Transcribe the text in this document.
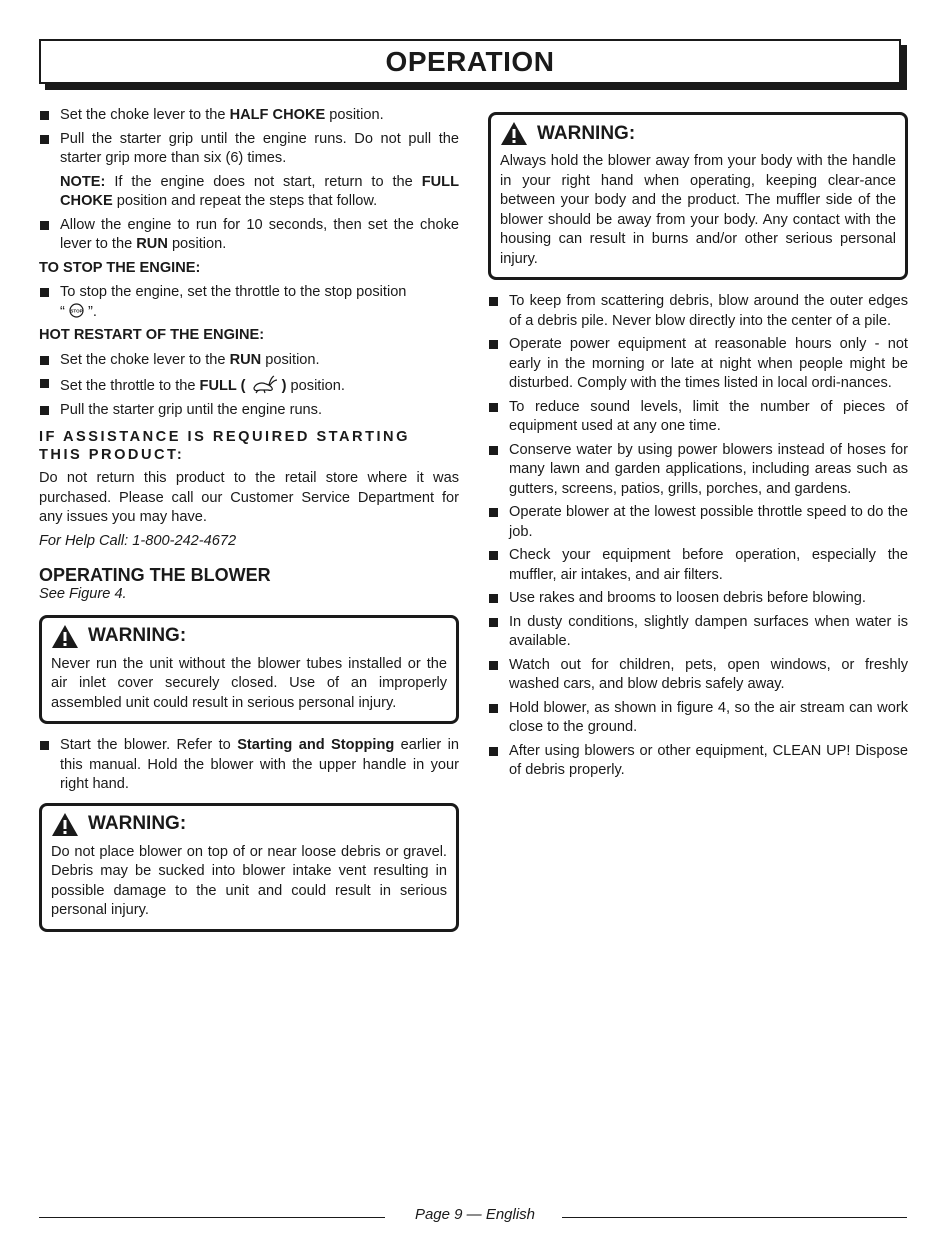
OPERATION
Set the choke lever to the HALF CHOKE position.
Pull the starter grip until the engine runs. Do not pull the starter grip more than six (6) times.
NOTE: If the engine does not start, return to the FULL CHOKE position and repeat the steps that follow.
Allow the engine to run for 10 seconds, then set the choke lever to the RUN position.
TO STOP THE ENGINE:
To stop the engine, set the throttle to the stop position
“ STOP ”.
HOT RESTART OF THE ENGINE:
Set the choke lever to the RUN position.
Set the throttle to the FULL ( ) position.
Pull the starter grip until the engine runs.
IF ASSISTANCE IS REQUIRED STARTING THIS PRODUCT:
Do not return this product to the retail store where it was purchased. Please call our Customer Service Department for any issues you may have.
For Help Call: 1-800-242-4672
OPERATING THE BLOWER
See Figure 4.
WARNING:
Never run the unit without the blower tubes installed or the air inlet cover securely closed. Use of an improperly assembled unit could result in serious personal injury.
Start the blower. Refer to Starting and Stopping earlier in this manual. Hold the blower with the upper handle in your right hand.
WARNING:
Do not place blower on top of or near loose debris or gravel. Debris may be sucked into blower intake vent resulting in possible damage to the unit and could result in serious personal injury.
WARNING:
Always hold the blower away from your body with the handle in your right hand when operating, keeping clear-ance between your body and the product. The muffler side of the blower should be away from your body. Any contact with the housing can result in burns and/or other serious personal injury.
To keep from scattering debris, blow around the outer edges of a debris pile. Never blow directly into the center of a pile.
Operate power equipment at reasonable hours only - not early in the morning or late at night when people might be disturbed. Comply with the times listed in local ordi-nances.
To reduce sound levels, limit the number of pieces of equipment used at any one time.
Conserve water by using power blowers instead of hoses for many lawn and garden applications, including areas such as gutters, screens, patios, grills, porches, and gardens.
Operate blower at the lowest possible throttle speed to do the job.
Check your equipment before operation, especially the muffler, air intakes, and air filters.
Use rakes and brooms to loosen debris before blowing.
In dusty conditions, slightly dampen surfaces when water is available.
Watch out for children, pets, open windows, or freshly washed cars, and blow debris safely away.
Hold blower, as shown in figure 4, so the air stream can work close to the ground.
After using blowers or other equipment, CLEAN UP! Dispose of debris properly.
Page 9 — English
